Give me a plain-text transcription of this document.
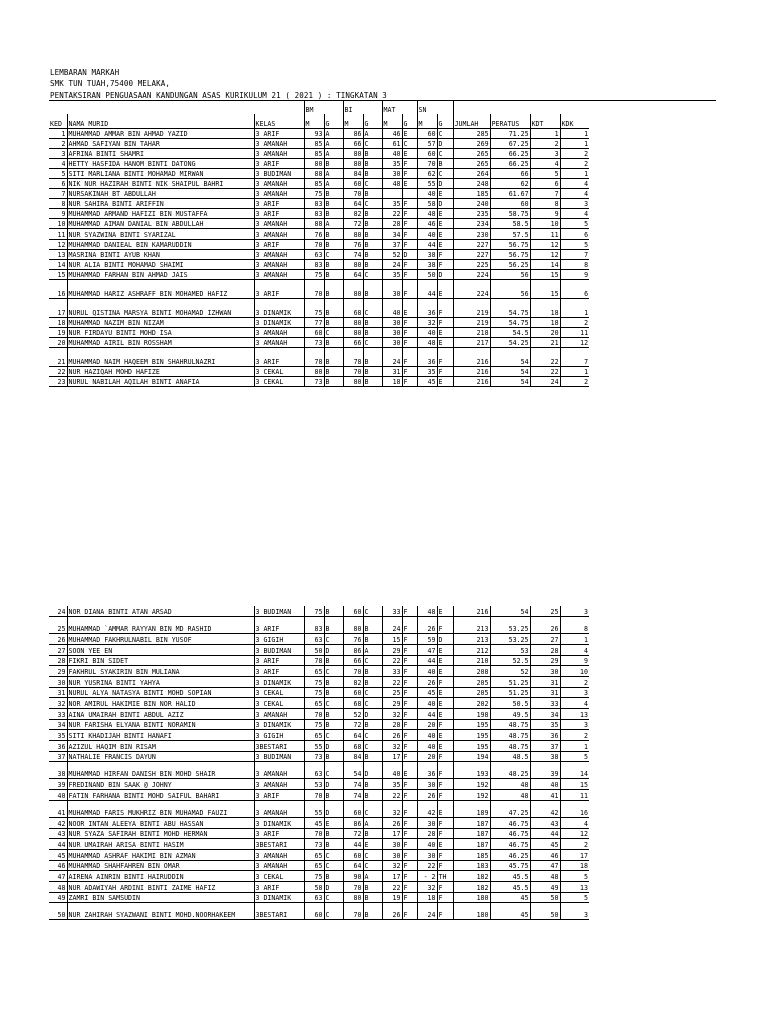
LEMBARAN MARKAH
SMK TUN TUAH,75400 MELAKA,
PENTAKSIRAN PENGUASAAN KANDUNGAN ASAS KURIKULUM 21 ( 2021 ) : TINGKATAN 3
			BM		BI		MAT		SN					
KED	NAMA MURID	KELAS	M	G	M	G	M	G	M	G	JUMLAH	PERATUS	KDT	KDK
1	MUHAMMAD AMMAR BIN AHMAD YAZID	3 ARIF	93	A	86	A	46	E	60	C	285	71.25	1	1
2	AHMAD SAFIYAN BIN TAHAR	3 AMANAH	85	A	66	C	61	C	57	D	269	67.25	2	1
3	AFRINA BINTI SHAMRI	3 AMANAH	85	A	80	B	40	E	60	C	265	66.25	3	2
4	HETTY HASFIDA HANOM BINTI DATONG	3 ARIF	80	B	80	B	35	F	70	B	265	66.25	4	2
5	SITI MARLIANA BINTI MOHAMAD MIRWAN	3 BUDIMAN	88	A	84	B	30	F	62	C	264	66	5	1
6	NIK NUR HAZIRAH BINTI NIK SHAIPUL BAHRI	3 AMANAH	85	A	60	C	48	E	55	D	248	62	6	4
7	NURSAKINAH BT ABDULLAH	3 AMANAH	75	B	70	B			40	E	185	61.67	7	4
8	NUR SAHIRA BINTI ARIFFIN	3 ARIF	83	B	64	C	35	F	58	D	240	60	8	3
9	MUHAMMAD ARMAND HAFIZI BIN MUSTAFFA	3 ARIF	83	B	82	B	22	F	48	E	235	58.75	9	4
10	MUHAMMAD AIMAN DANIAL BIN ABDULLAH	3 AMANAH	88	A	72	B	28	F	46	E	234	58.5	10	5
11	NUR SYAZWINA BINTI SYARIZAL	3 AMANAH	76	B	80	B	34	F	40	E	230	57.5	11	6
12	MUHAMMAD DANIEAL BIN KAMARUDDIN	3 ARIF	70	B	76	B	37	F	44	E	227	56.75	12	5
13	MASRINA BINTI AYUB KHAN	3 AMANAH	63	C	74	B	52	D	38	F	227	56.75	12	7
14	NUR ALIA BINTI MOHAMAD SHAIMI	3 AMANAH	83	B	80	B	24	F	38	F	225	56.25	14	8
15	MUHAMMAD FARHAN BIN AHMAD JAIS	3 AMANAH	75	B	64	C	35	F	50	D	224	56	15	9
16	MUHAMMAD HARIZ ASHRAFF BIN MOHAMED HAFIZ	3 ARIF	70	B	80	B	30	F	44	E	224	56	15	6
17	NURUL QISTINA MARSYA BINTI MOHAMAD IZHWAN	3 DINAMIK	75	B	68	C	40	E	36	F	219	54.75	18	1
18	MUHAMMAD NAZIM BIN NIZAM	3 DINAMIK	77	B	80	B	30	F	32	F	219	54.75	18	2
19	NUR FIRDAYU BINTI MOHD ISA	3 AMANAH	68	C	80	B	30	F	40	E	218	54.5	20	11
20	MUHAMMAD AIRIL BIN ROSSHAM	3 AMANAH	73	B	66	C	30	F	48	E	217	54.25	21	12
21	MUHAMMAD NAIM HAQEEM BIN SHAHRULNAZRI	3 ARIF	78	B	78	B	24	F	36	F	216	54	22	7
22	NUR HAZIQAH MOHD HAFIZE	3 CEKAL	80	B	70	B	31	F	35	F	216	54	22	1
23	NURUL NABILAH AQILAH BINTI ANAFIA	3 CEKAL	73	B	80	B	18	F	45	E	216	54	24	2
24	NOR DIANA BINTI ATAN ARSAD	3 BUDIMAN	75	B	60	C	33	F	48	E	216	54	25	3
25	MUHAMMAD `AMMAR RAYYAN BIN MD RASHID	3 ARIF	83	B	80	B	24	F	26	F	213	53.25	26	8
26	MUHAMMAD FAKHRULNABIL BIN YUSOF	3 GIGIH	63	C	76	B	15	F	59	D	213	53.25	27	1
27	SOON YEE EN	3 BUDIMAN	50	D	86	A	29	F	47	E	212	53	28	4
28	FIKRI BIN SIDET	3 ARIF	78	B	66	C	22	F	44	E	210	52.5	29	9
29	FAKHRUL SYAKIRIN BIN MULIANA	3 ARIF	65	C	70	B	33	F	40	E	208	52	30	10
30	NUR YUSRINA BINTI YAHYA	3 DINAMIK	75	B	82	B	22	F	26	F	205	51.25	31	2
31	NURUL ALYA NATASYA BINTI MOHD SOPIAN	3 CEKAL	75	B	60	C	25	F	45	E	205	51.25	31	3
32	NOR AMIRUL HAKIMIE BIN NOR HALID	3 CEKAL	65	C	68	C	29	F	40	E	202	50.5	33	4
33	AINA UMAIRAH BINTI ABDUL AZIZ	3 AMANAH	70	B	52	D	32	F	44	E	198	49.5	34	13
34	NUR FARISHA ELYANA BINTI NORAMIN	3 DINAMIK	75	B	72	B	28	F	20	F	195	48.75	35	3
35	SITI KHADIJAH BINTI HANAFI	3 GIGIH	65	C	64	C	26	F	40	E	195	48.75	36	2
36	AZIZUL HAQIM BIN RISAM	3BESTARI	55	D	68	C	32	F	40	E	195	48.75	37	1
37	NATHALIE FRANCIS DAYUN	3 BUDIMAN	73	B	84	B	17	F	20	F	194	48.5	38	5
38	MUHAMMAD HIRFAN DANISH BIN MOHD SHAIR	3 AMANAH	63	C	54	D	40	E	36	F	193	48.25	39	14
39	FREDINAND BIN SAAK @ JOHNY	3 AMANAH	53	D	74	B	35	F	30	F	192	48	40	15
40	FATIN FARHANA BINTI MOHD SAIFUL BAHARI	3 ARIF	70	B	74	B	22	F	26	F	192	48	41	11
41	MUHAMMAD FARIS MUKHRIZ BIN MUHAMAD FAUZI	3 AMANAH	55	D	60	C	32	F	42	E	189	47.25	42	16
42	NOOR INTAN ALEEYA BINTI ABU HASSAN	3 DINAMIK	45	E	86	A	26	F	30	F	187	46.75	43	4
43	NUR SYAZA SAFIRAH BINTI MOHD HERMAN	3 ARIF	70	B	72	B	17	F	28	F	187	46.75	44	12
44	NUR UMAIRAH ARISA BINTI HASIM	3BESTARI	73	B	44	E	30	F	40	E	187	46.75	45	2
45	MUHAMMAD ASHRAF HAKIMI BIN AZMAN	3 AMANAH	65	C	60	C	30	F	30	F	185	46.25	46	17
46	MUHAMMAD SHAHFAHREN BIN OMAR	3 AMANAH	65	C	64	C	32	F	22	F	183	45.75	47	18
47	AIRENA AINRIN BINTI HAIRUDDIN	3 CEKAL	75	B	90	A	17	F	- 2	TH	182	45.5	48	5
48	NUR ADAWIYAH ARDINI BINTI ZAIME HAFIZ	3 ARIF	58	D	70	B	22	F	32	F	182	45.5	49	13
49	ZAMRI BIN SAMSUDIN	3 DINAMIK	63	C	80	B	19	F	18	F	180	45	50	5
50	NUR ZAHIRAH SYAZWANI BINTI MOHD.NOORHAKEEM	3BESTARI	60	C	70	B	26	F	24	F	180	45	50	3
